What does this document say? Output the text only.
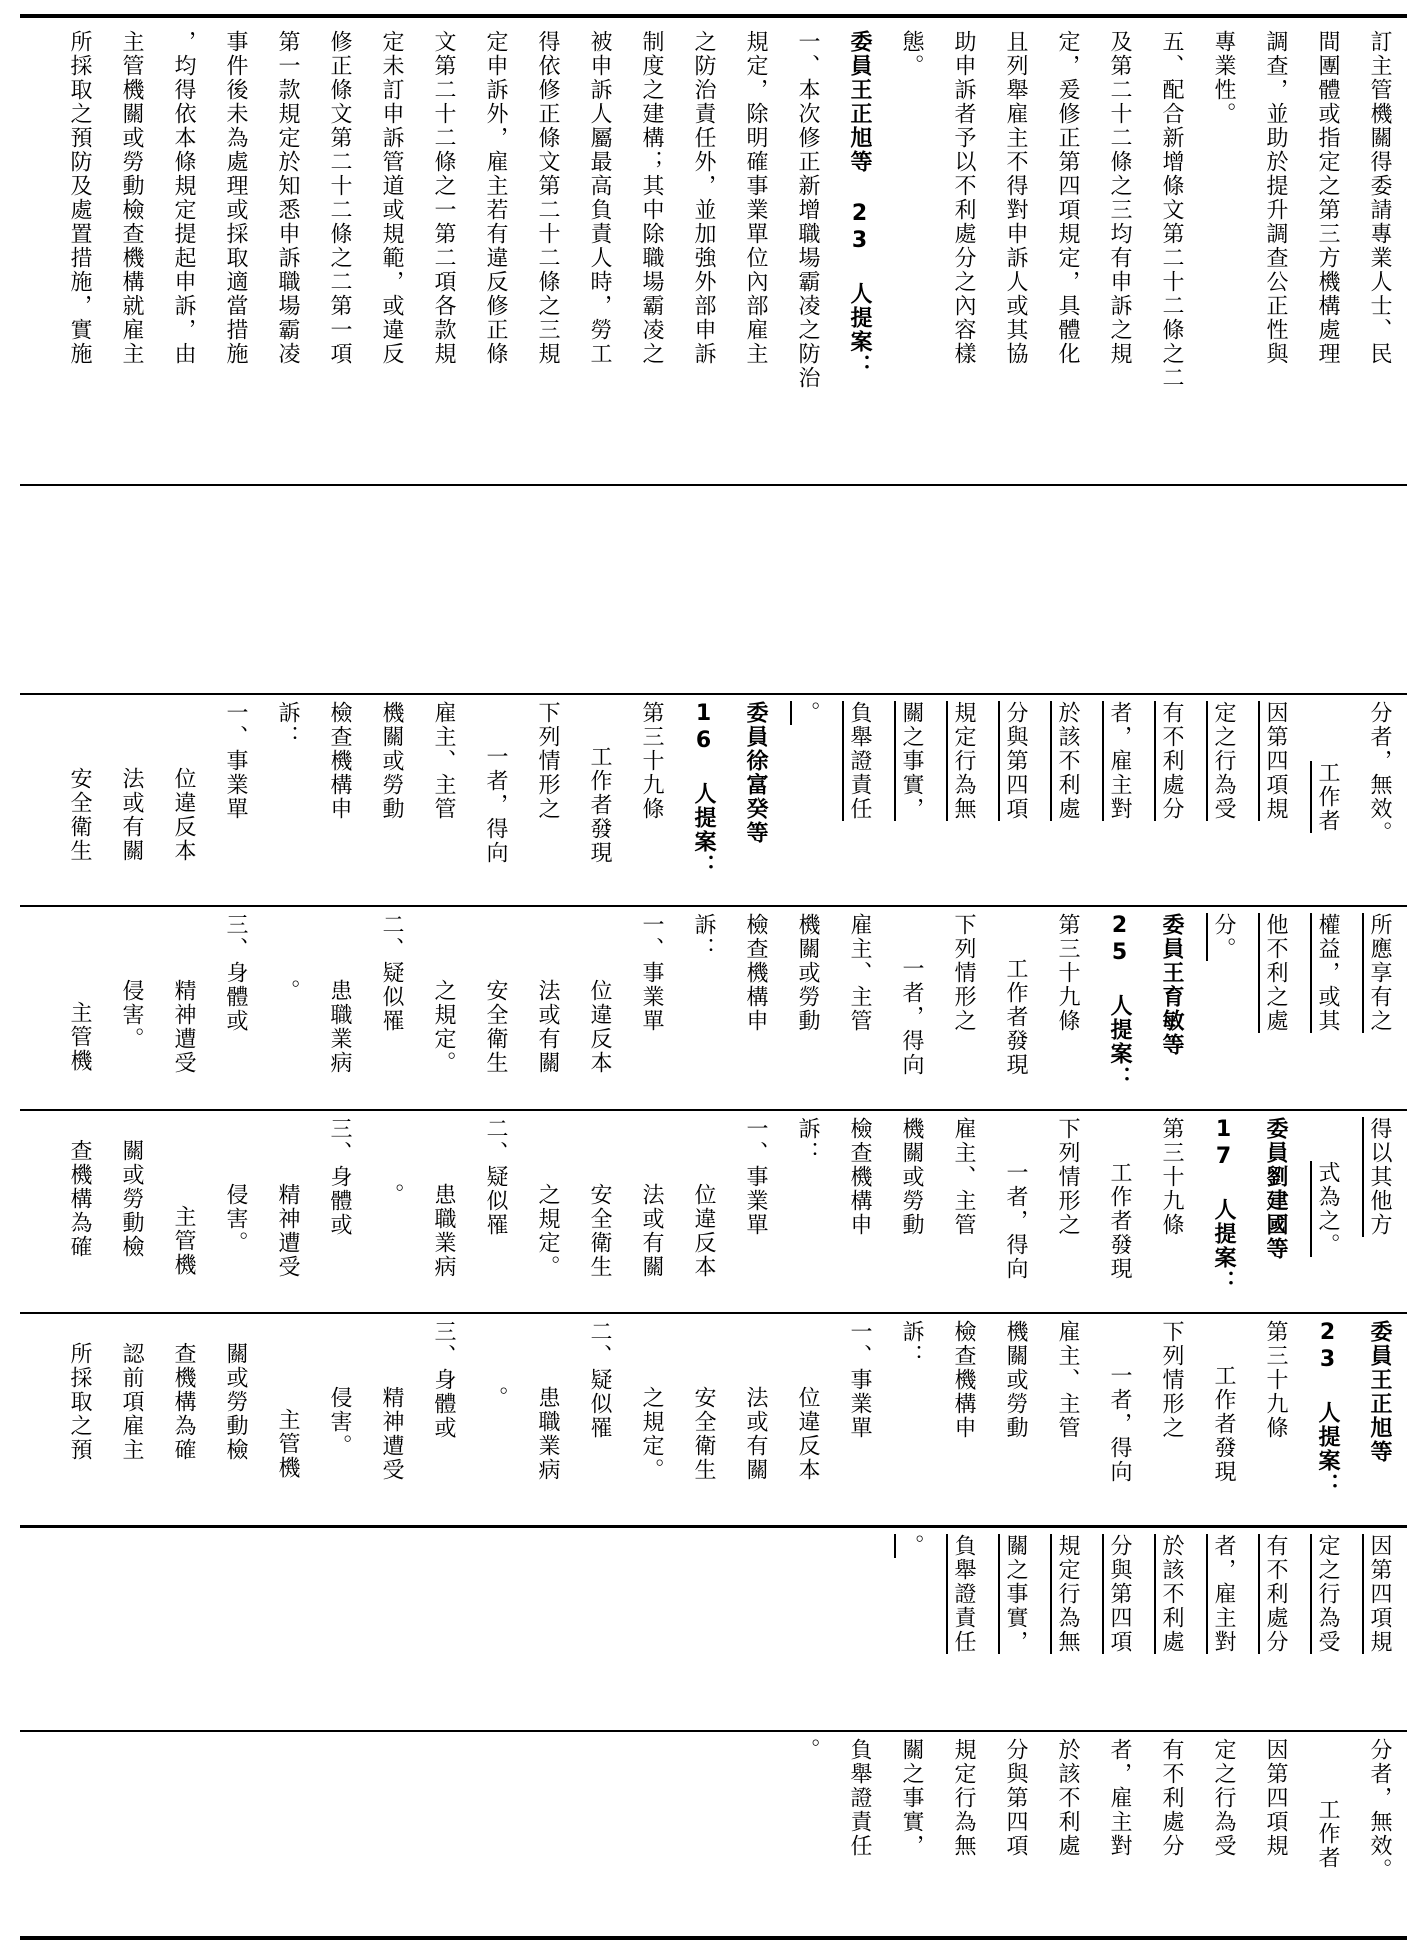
訂主管機關得委請專業人士、民
間團體或指定之第三方機構處理
調查，並助於提升調查公正性與
專業性。
五、配合新增條文第二十二條之二
及第二十二條之三均有申訴之規
定，爰修正第四項規定，具體化
且列舉雇主不得對申訴人或其協
助申訴者予以不利處分之內容樣
態。
委員王正旭等 23 人提案：
一、本次修正新增職場霸凌之防治
規定，除明確事業單位內部雇主
之防治責任外，並加強外部申訴
制度之建構；其中除職場霸凌之
被申訴人屬最高負責人時，勞工
得依修正條文第二十二條之三規
定申訴外，雇主若有違反修正條
文第二十二條之一第二項各款規
定未訂申訴管道或規範，或違反
修正條文第二十二條之二第一項
第一款規定於知悉申訴職場霸凌
事件後未為處理或採取適當措施
，均得依本條規定提起申訴，由
主管機關或勞動檢查機構就雇主
所採取之預防及處置措施，實施
分者，無效。
工作者
因第四項規
定之行為受
有不利處分
者，雇主對
於該不利處
分與第四項
規定行為無
關之事實，
負舉證責任
。
委員徐富癸等
16 人提案：
第三十九條
工作者發現
下列情形之
一者，得向
雇主、主管
機關或勞動
檢查機構申
訴：
一、事業單
位違反本
法或有關
安全衛生
所應享有之
權益，或其
他不利之處
分。
委員王育敏等
25 人提案：
第三十九條
工作者發現
下列情形之
一者，得向
雇主、主管
機關或勞動
檢查機構申
訴：
一、事業單
位違反本
法或有關
安全衛生
之規定。
二、疑似罹
患職業病
。
三、身體或
精神遭受
侵害。
主管機
得以其他方
式為之。
委員劉建國等
17 人提案：
第三十九條
工作者發現
下列情形之
一者，得向
雇主、主管
機關或勞動
檢查機構申
訴：
一、事業單
位違反本
法或有關
安全衛生
之規定。
二、疑似罹
患職業病
。
三、身體或
精神遭受
侵害。
主管機
關或勞動檢
查機構為確
委員王正旭等
23 人提案：
第三十九條
工作者發現
下列情形之
一者，得向
雇主、主管
機關或勞動
檢查機構申
訴：
一、事業單
位違反本
法或有關
安全衛生
之規定。
二、疑似罹
患職業病
。
三、身體或
精神遭受
侵害。
主管機
關或勞動檢
查機構為確
認前項雇主
所採取之預
因第四項規
定之行為受
有不利處分
者，雇主對
於該不利處
分與第四項
規定行為無
關之事實，
負舉證責任
。
分者，無效。
工作者
因第四項規
定之行為受
有不利處分
者，雇主對
於該不利處
分與第四項
規定行為無
關之事實，
負舉證責任
。
